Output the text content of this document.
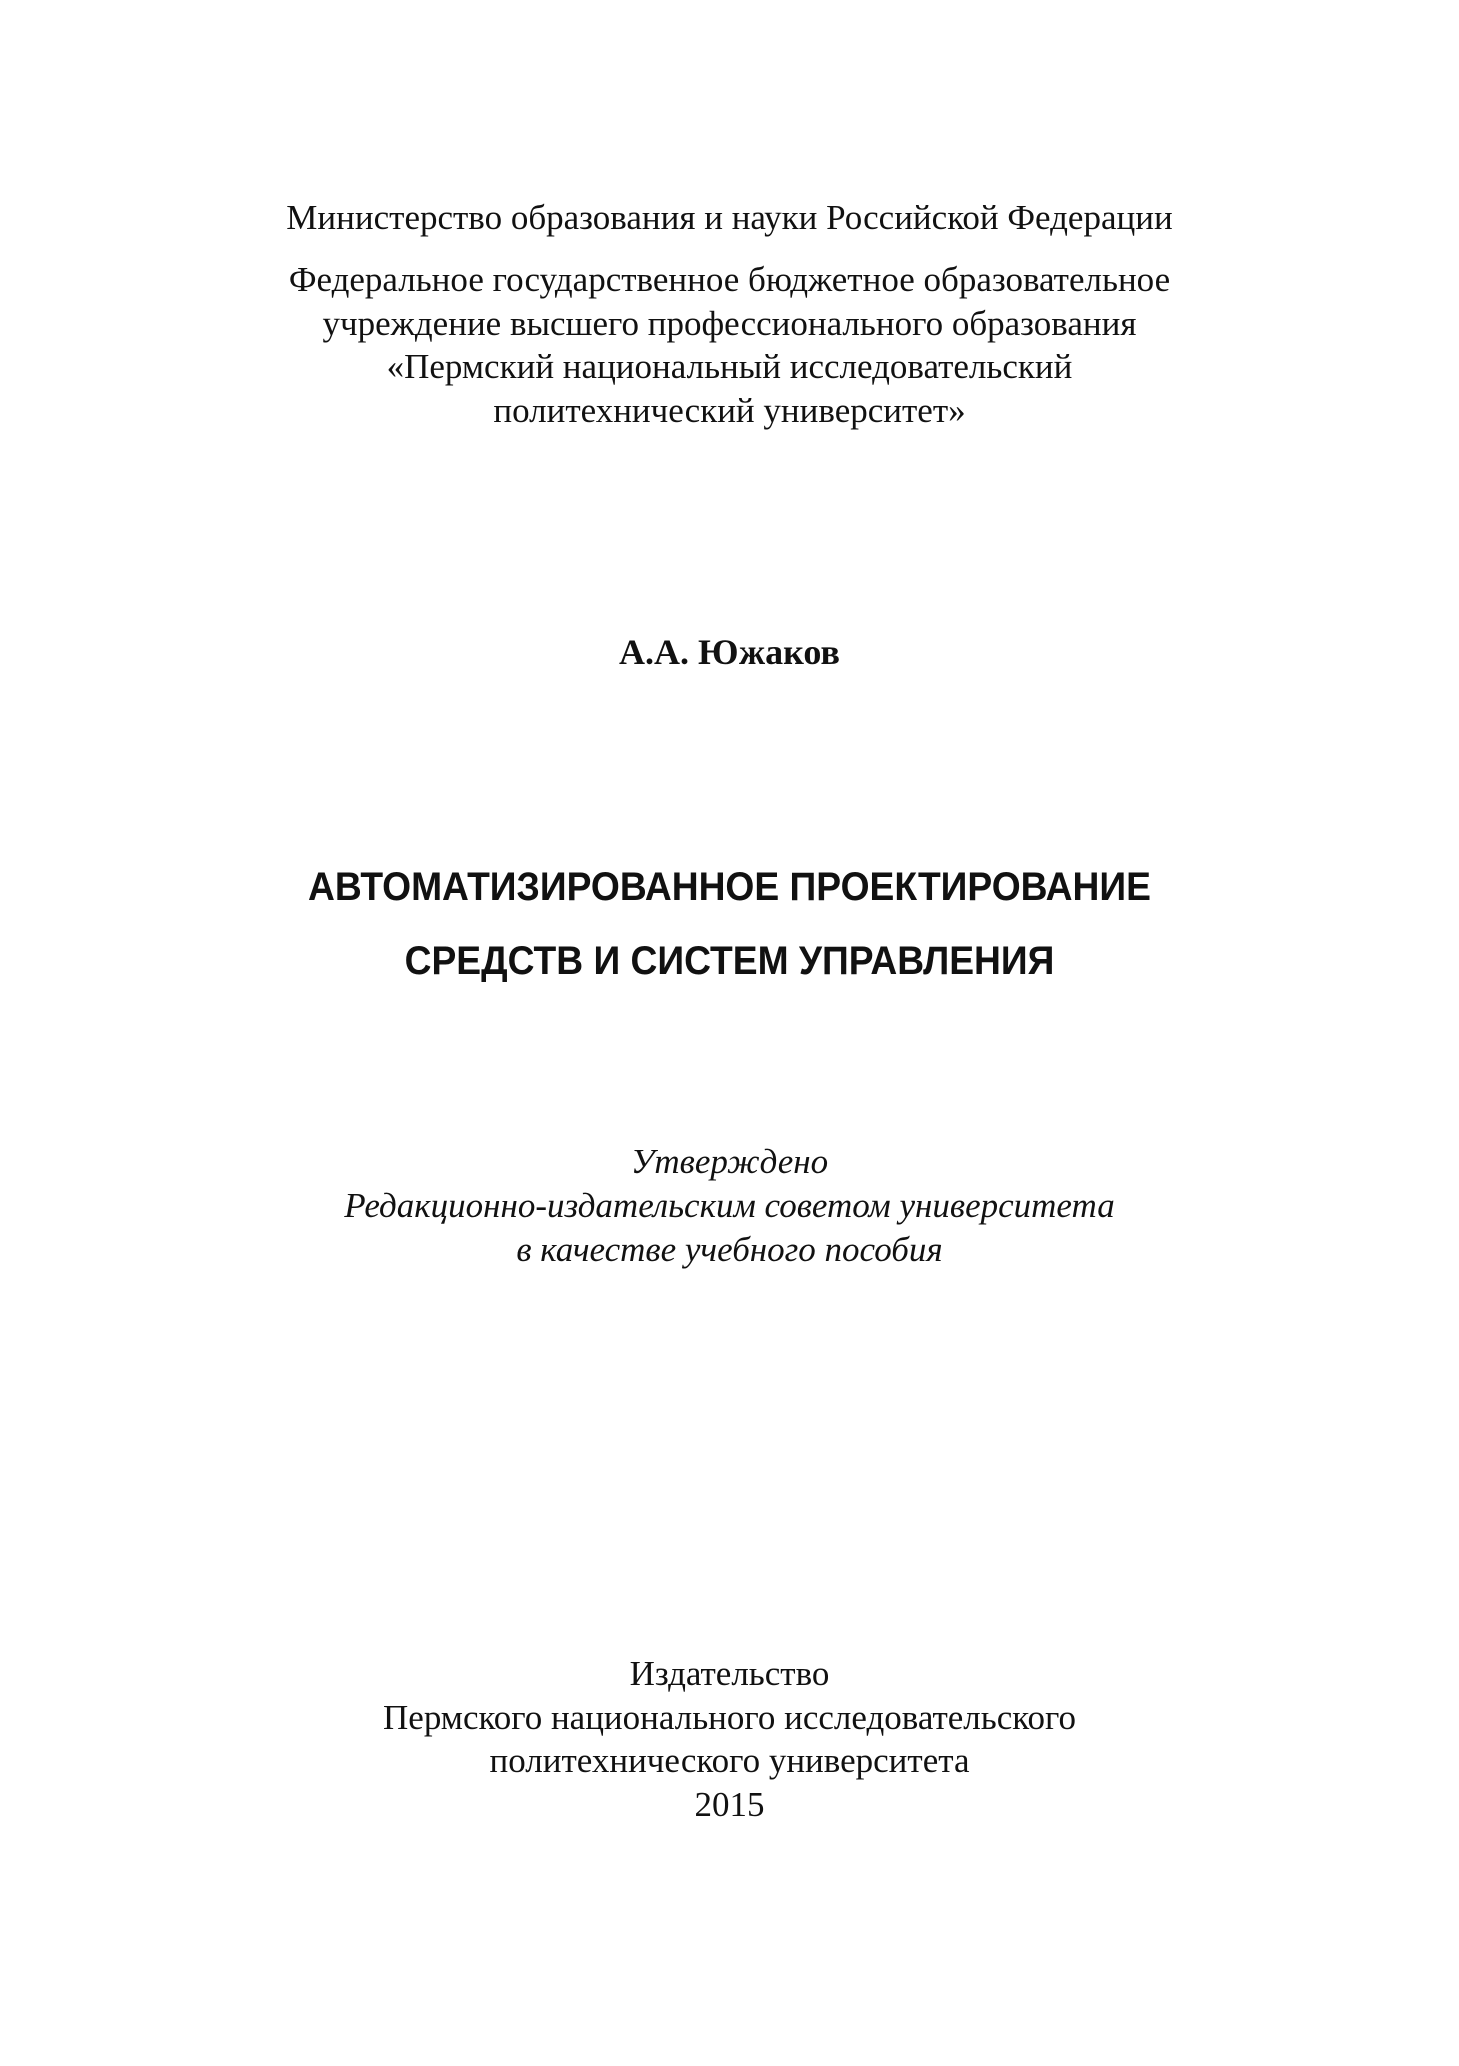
Министерство образования и науки Российской Федерации
Федеральное государственное бюджетное образовательное
учреждение высшего профессионального образования
«Пермский национальный исследовательский
политехнический университет»
А.А. Южаков
АВТОМАТИЗИРОВАННОЕ ПРОЕКТИРОВАНИЕ
СРЕДСТВ И СИСТЕМ УПРАВЛЕНИЯ
Утверждено
Редакционно-издательским советом университета
в качестве учебного пособия
Издательство
Пермского национального исследовательского
политехнического университета
2015
